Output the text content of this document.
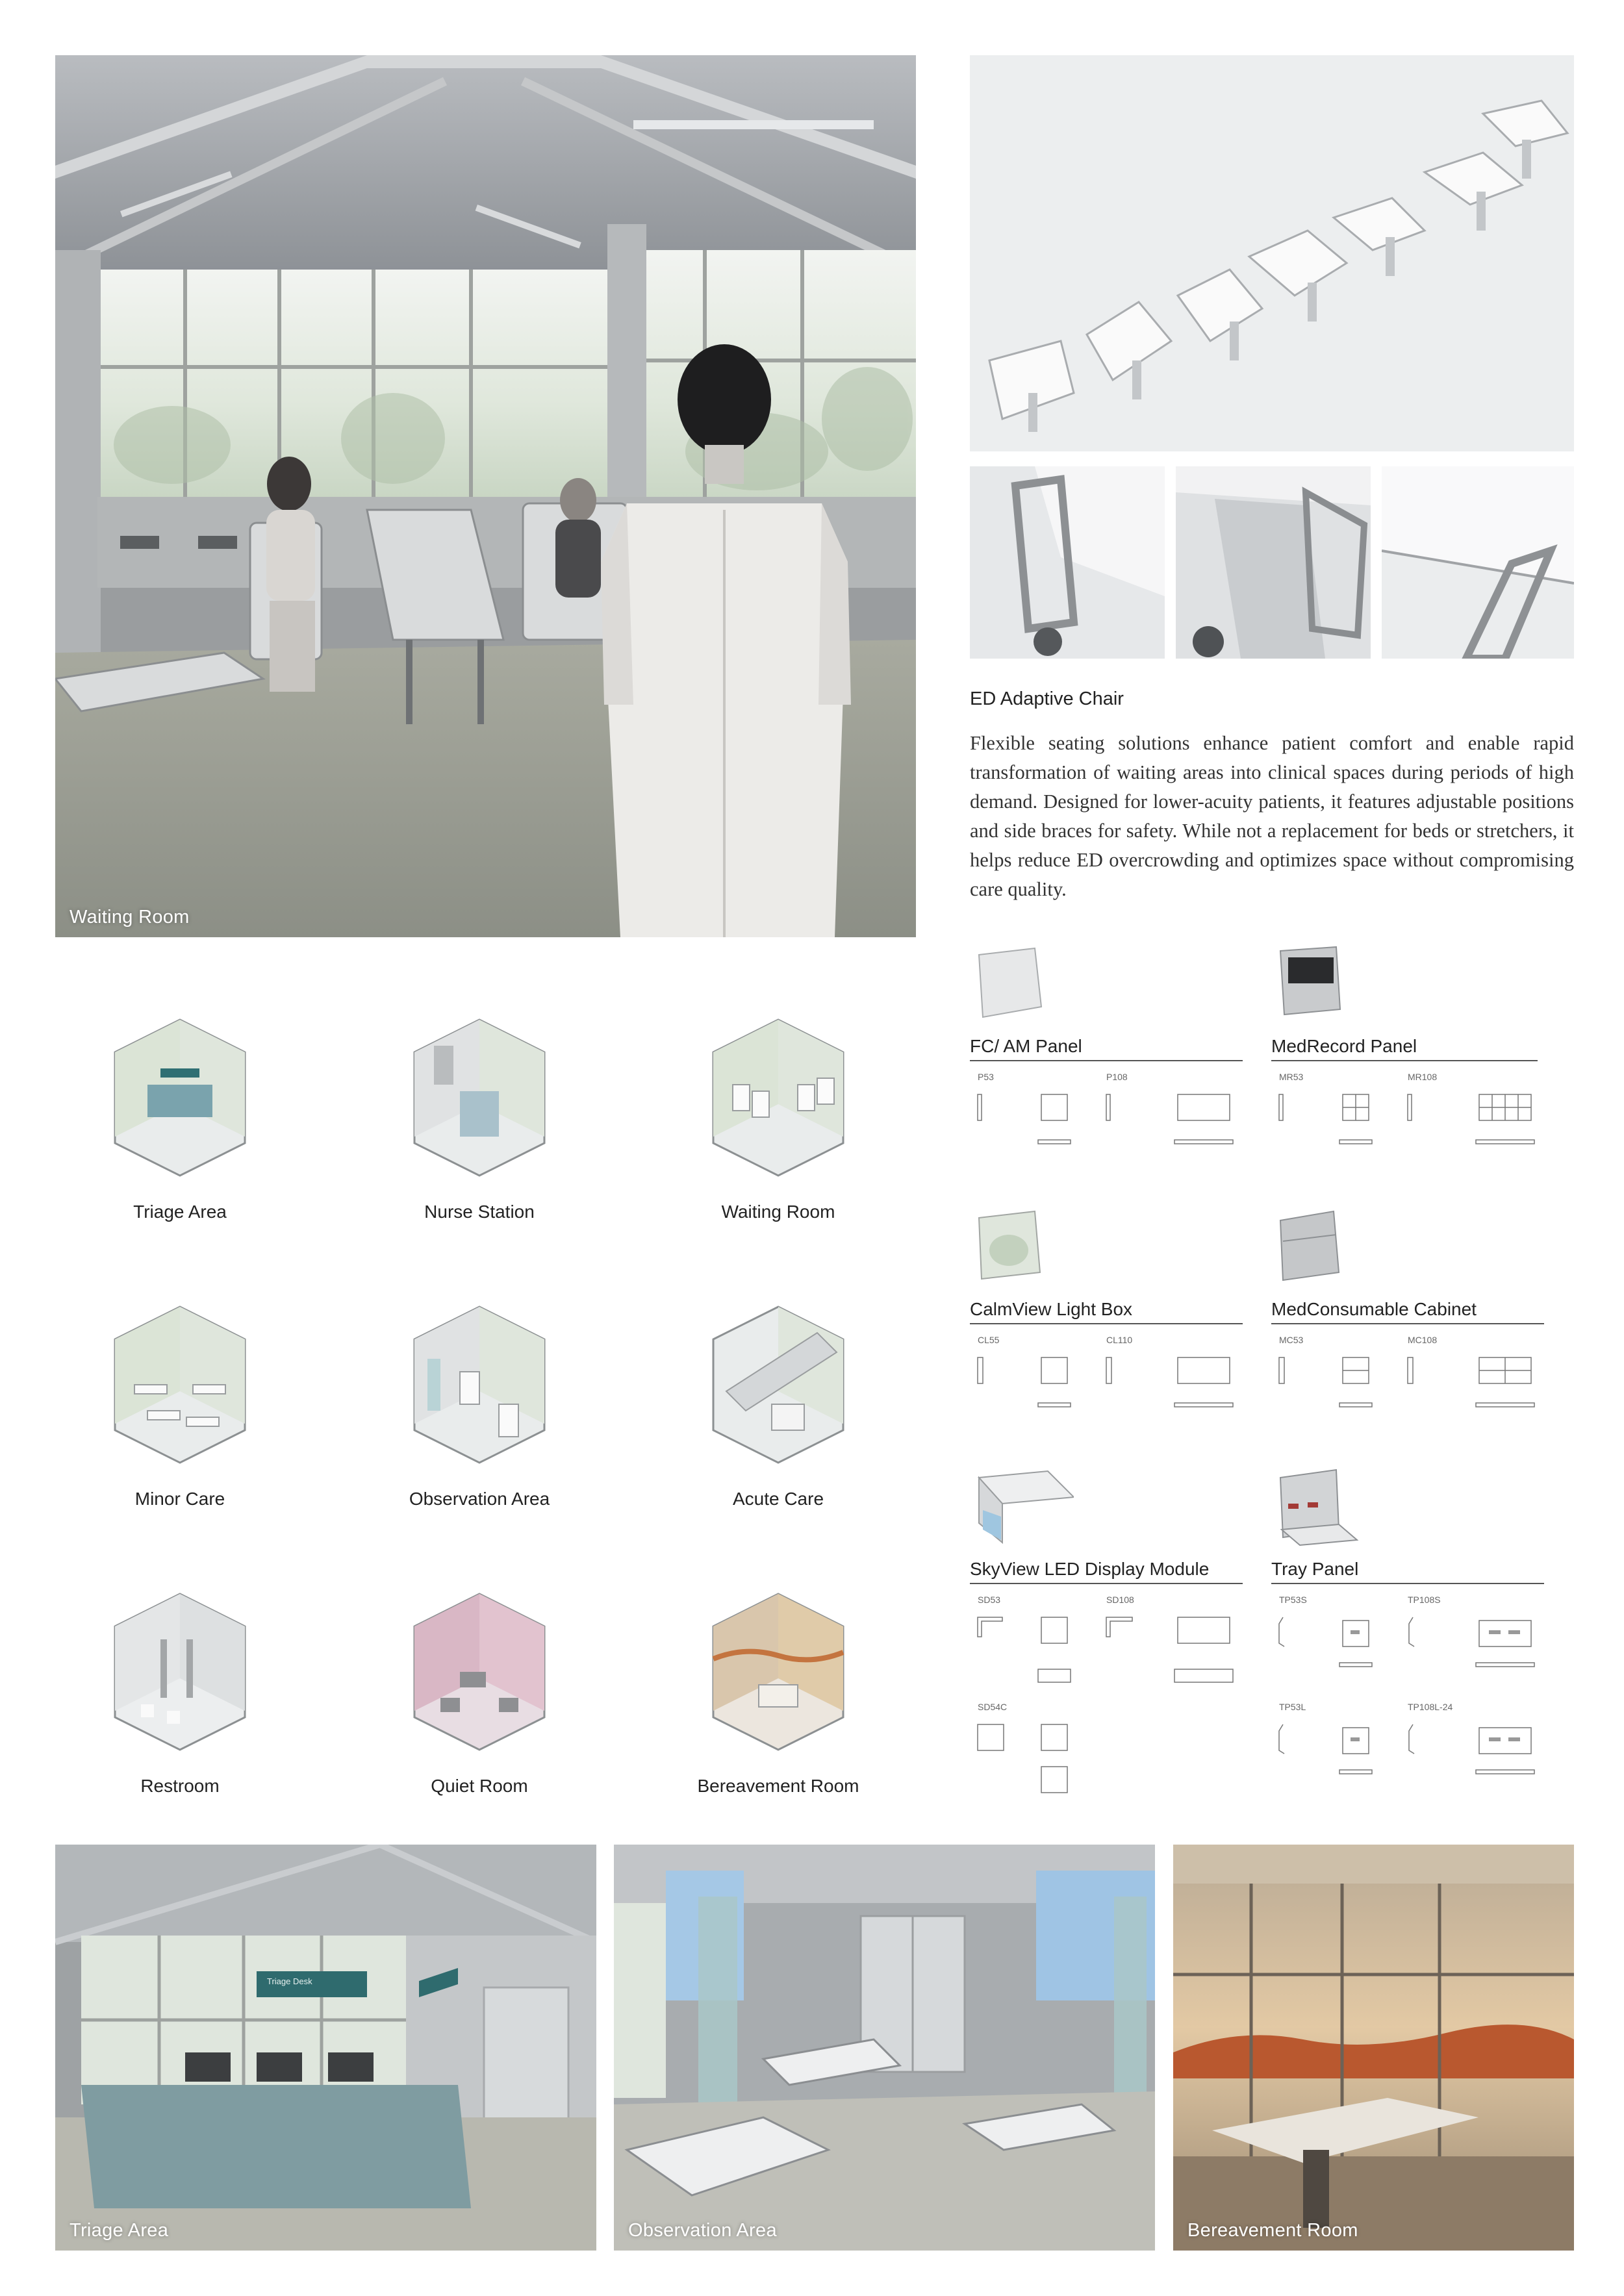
Waiting Room
ED Adaptive Chair
Flexible seating solutions enhance patient comfort and enable rapid transformation of waiting areas into clinical spaces during periods of high demand. Designed for lower-acuity patients, it features adjustable positions and side braces for safety. While not a replacement for beds or stretchers, it helps reduce ED overcrowding and optimizes space without compromising care quality.
Triage Area	Nurse Station	Waiting Room
Minor Care	Observation Area	Acute Care
Restroom	Quiet Room	Bereavement Room
FC/ AM Panel
P53	P108
MedRecord Panel
MR53	MR108
CalmView Light Box
CL55	CL110
MedConsumable Cabinet
MC53	MC108
SkyView LED Display Module
SD53	SD108
SD54C
Tray Panel
TP53S	TP108S
TP53L	TP108L-24
Triage Desk
Triage Area	Observation Area	Bereavement Room
